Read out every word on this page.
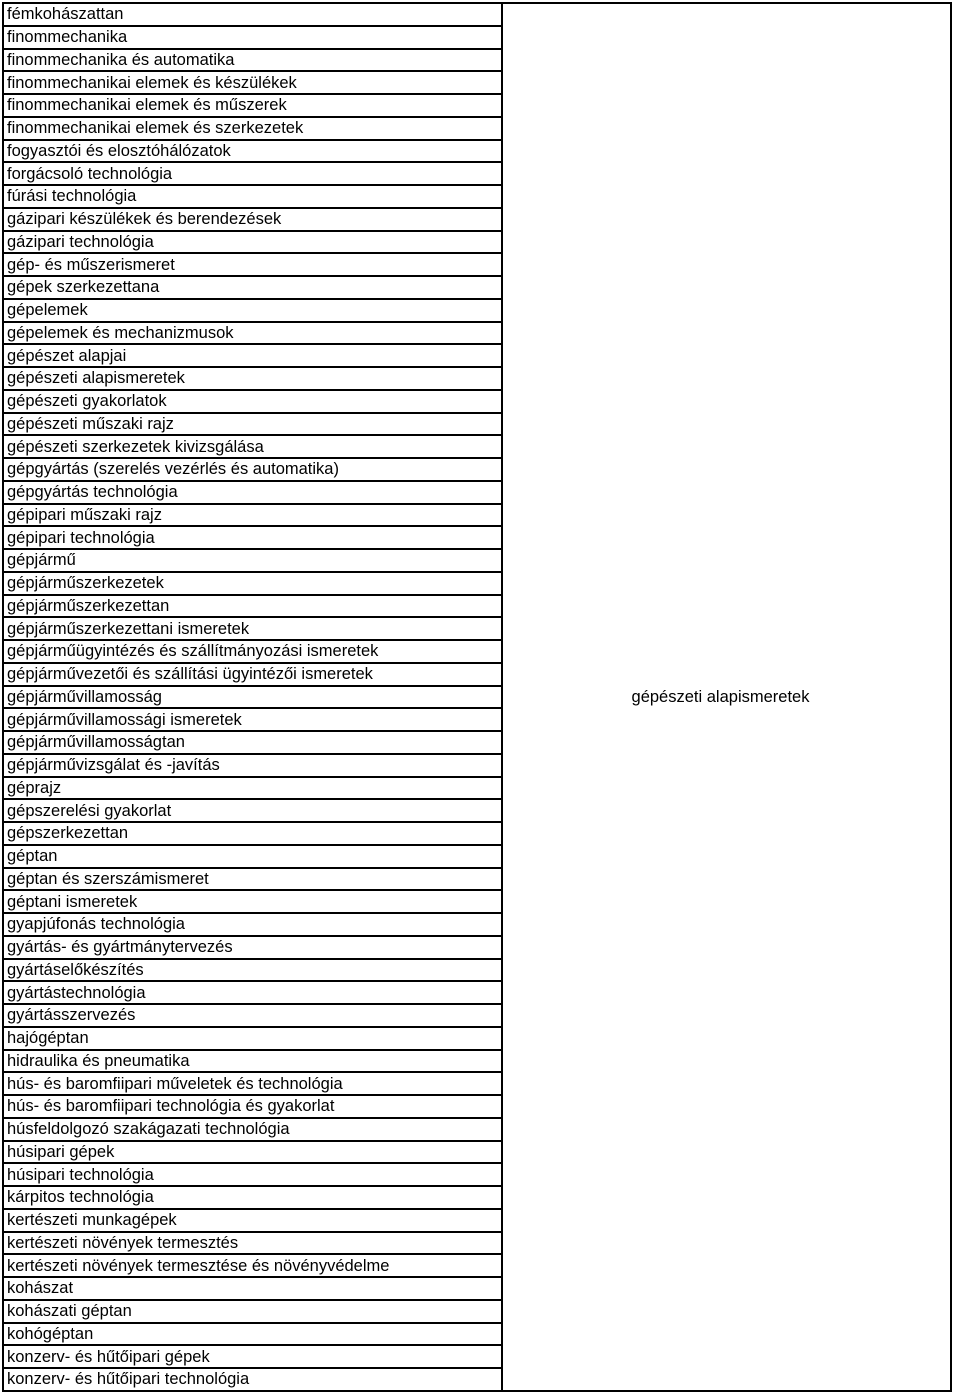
fémkohászattan	gépészeti alapismeretek
finommechanika
finommechanika és automatika
finommechanikai elemek és készülékek
finommechanikai elemek és műszerek
finommechanikai elemek és szerkezetek
fogyasztói és elosztóhálózatok
forgácsoló technológia
fúrási technológia
gázipari készülékek és berendezések
gázipari technológia
gép- és műszerismeret
gépek szerkezettana
gépelemek
gépelemek és mechanizmusok
gépészet alapjai
gépészeti alapismeretek
gépészeti gyakorlatok
gépészeti műszaki rajz
gépészeti szerkezetek kivizsgálása
gépgyártás (szerelés vezérlés és automatika)
gépgyártás technológia
gépipari műszaki rajz
gépipari technológia
gépjármű
gépjárműszerkezetek
gépjárműszerkezettan
gépjárműszerkezettani ismeretek
gépjárműügyintézés és szállítmányozási ismeretek
gépjárművezetői és szállítási ügyintézői ismeretek
gépjárművillamosság
gépjárművillamossági ismeretek
gépjárművillamosságtan
gépjárművizsgálat és -javítás
géprajz
gépszerelési gyakorlat
gépszerkezettan
géptan
géptan és szerszámismeret
géptani ismeretek
gyapjúfonás technológia
gyártás- és gyártmánytervezés
gyártáselőkészítés
gyártástechnológia
gyártásszervezés
hajógéptan
hidraulika és pneumatika
hús- és baromfiipari műveletek és technológia
hús- és baromfiipari technológia és gyakorlat
húsfeldolgozó szakágazati technológia
húsipari gépek
húsipari technológia
kárpitos technológia
kertészeti munkagépek
kertészeti növények termesztés
kertészeti növények termesztése és növényvédelme
kohászat
kohászati géptan
kohógéptan
konzerv- és hűtőipari gépek
konzerv- és hűtőipari technológia
